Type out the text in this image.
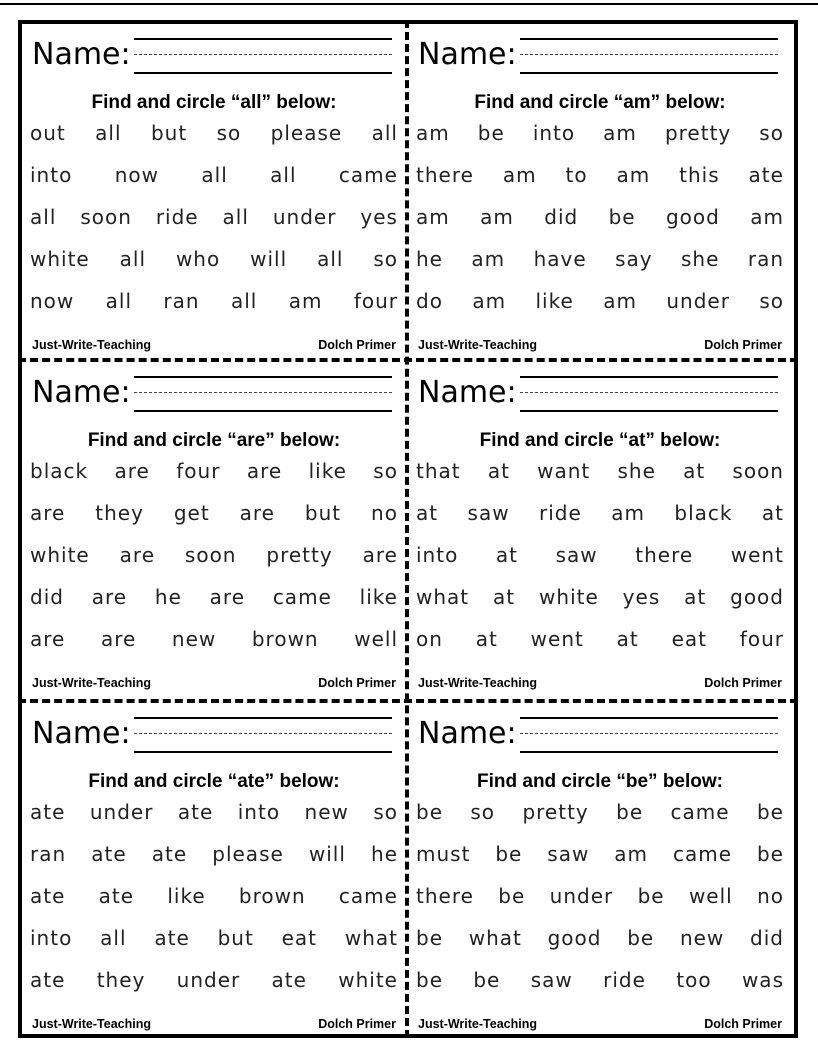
Name:
Find and circle “all” below:
out all but so please all
into now all all came
all soon ride all under yes
white all who will all so
now all ran all am four
Just-Write-Teaching	Dolch Primer
Name:
Find and circle “am” below:
am be into am pretty so
there am to am this ate
am am did be good am
he am have say she ran
do am like am under so
Just-Write-Teaching	Dolch Primer
Name:
Find and circle “are” below:
black are four are like so
are they get are but no
white are soon pretty are
did are he are came like
are are new brown well
Just-Write-Teaching	Dolch Primer
Name:
Find and circle “at” below:
that at want she at soon
at saw ride am black at
into at saw there went
what at white yes at good
on at went at eat four
Just-Write-Teaching	Dolch Primer
Name:
Find and circle “ate” below:
ate under ate into new so
ran ate ate please will he
ate ate like brown came
into all ate but eat what
ate they under ate white
Just-Write-Teaching	Dolch Primer
Name:
Find and circle “be” below:
be so pretty be came be
must be saw am came be
there be under be well no
be what good be new did
be be saw ride too was
Just-Write-Teaching	Dolch Primer
